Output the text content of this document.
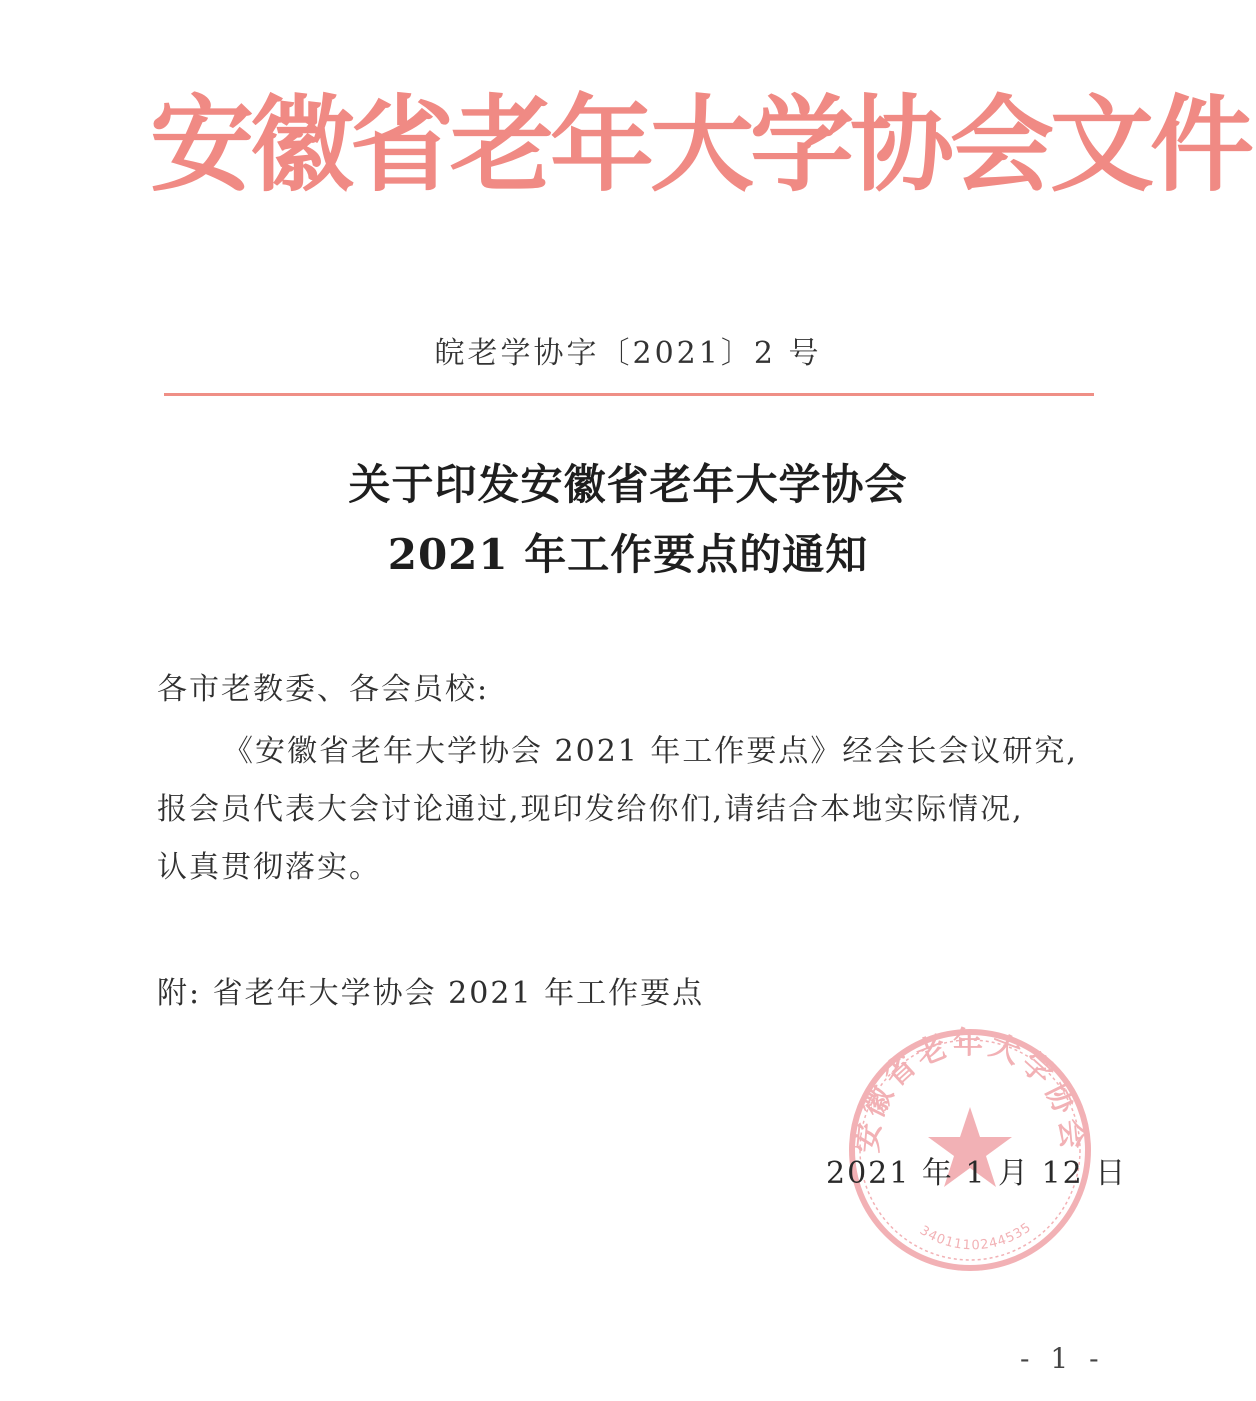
安徽省老年大学协会文件
皖老学协字〔2021〕2 号
关于印发安徽省老年大学协会
2021 年工作要点的通知
各市老教委、各会员校:
《安徽省老年大学协会 2021 年工作要点》经会长会议研究,
报会员代表大会讨论通过,现印发给你们,请结合本地实际情况,
认真贯彻落实。
附: 省老年大学协会 2021 年工作要点
安徽省老年大学协会
3401110244535
2021 年 1 月 12 日
- 1 -
